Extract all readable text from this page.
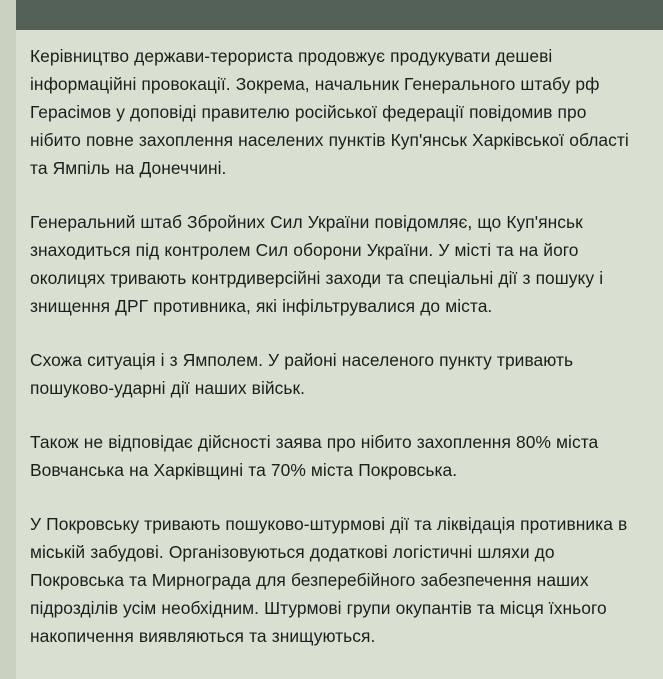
Керівництво держави-терориста продовжує продукувати дешеві інформаційні провокації. Зокрема, начальник Генерального штабу рф Герасімов у доповіді правителю російської федерації повідомив про нібито повне захоплення населених пунктів Куп'янськ Харківської області та Ямпіль на Донеччині.

Генеральний штаб Збройних Сил України повідомляє, що Куп'янськ знаходиться під контролем Сил оборони України. У місті та на його околицях тривають контрдиверсійні заходи та спеціальні дії з пошуку і знищення ДРГ противника, які інфільтрувалися до міста.

Схожа ситуація і з Ямполем. У районі населеного пункту тривають пошуково-ударні дії наших військ.

Також не відповідає дійсності заява про нібито захоплення 80% міста Вовчанська на Харківщині та 70% міста Покровська.

У Покровську тривають пошуково-штурмові дії та ліквідація противника в міській забудові. Організовуються додаткові логістичні шляхи до Покровська та Мирнограда для безперебійного забезпечення наших підрозділів усім необхідним. Штурмові групи окупантів та місця їхнього накопичення виявляються та знищуються.
